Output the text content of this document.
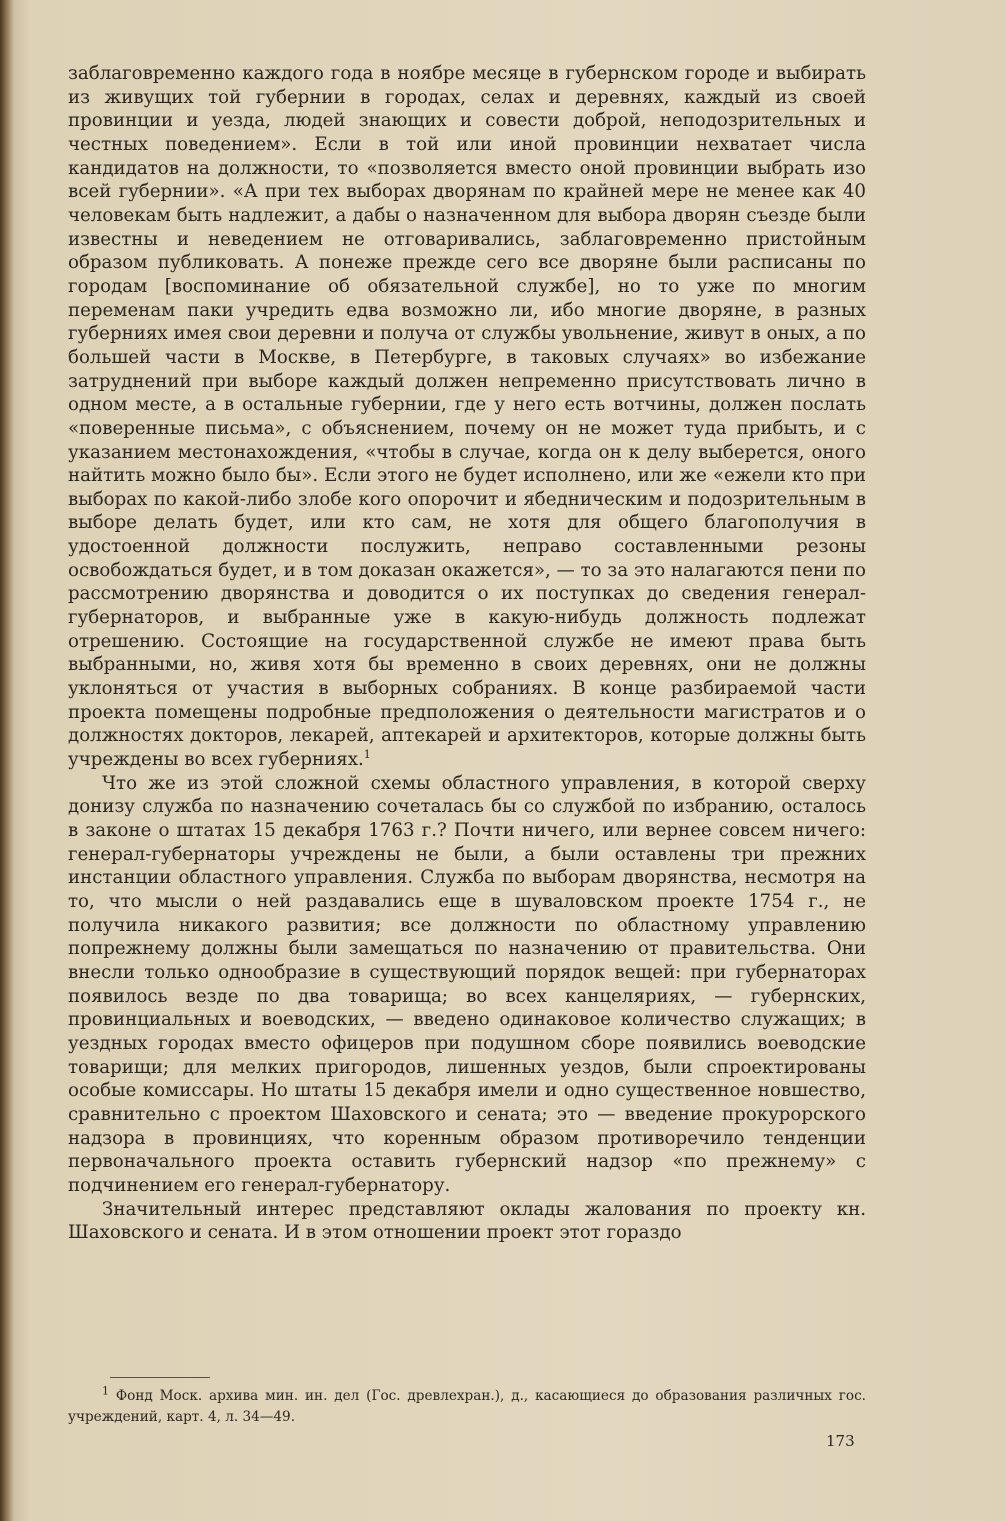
заблаговременно каждого года в ноябре месяце в губернском городе и выбирать из живущих той губернии в городах, селах и деревнях, каждый из своей провинции и уезда, людей знающих и совести доброй, неподозрительных и честных поведением». Если в той или иной провинции нехватает числа кандидатов на должности, то «позволяется вместо оной провинции выбрать изо всей губернии». «А при тех выборах дворянам по крайней мере не менее как 40 человекам быть надлежит, а дабы о назначенном для выбора дворян съезде были известны и неведением не отговаривались, заблаговременно пристойным образом публиковать. А понеже прежде сего все дворяне были расписаны по городам [воспоминание об обязательной службе], но то уже по многим переменам паки учредить едва возможно ли, ибо многие дворяне, в разных губерниях имея свои деревни и получа от службы увольнение, живут в оных, а по большей части в Москве, в Петербурге, в таковых случаях» во избежание затруднений при выборе каждый должен непременно присутствовать лично в одном месте, а в остальные губернии, где у него есть вотчины, должен послать «поверенные письма», с объяснением, почему он не может туда прибыть, и с указанием местонахождения, «чтобы в случае, когда он к делу выберется, оного найтить можно было бы». Если этого не будет исполнено, или же «ежели кто при выборах по какой-либо злобе кого опорочит и ябедническим и подозрительным в выборе делать будет, или кто сам, не хотя для общего благополучия в удостоенной должности послужить, неправо составленными резоны освобождаться будет, и в том доказан окажется», — то за это налагаются пени по рассмотрению дворянства и доводится о их поступках до сведения генерал-губернаторов, и выбранные уже в какую-нибудь должность подлежат отрешению. Состоящие на государственной службе не имеют права быть выбранными, но, живя хотя бы временно в своих деревнях, они не должны уклоняться от участия в выборных собраниях. В конце разбираемой части проекта помещены подробные предположения о деятельности магистратов и о должностях докторов, лекарей, аптекарей и архитекторов, которые должны быть учреждены во всех губерниях.$^1$

Что же из этой сложной схемы областного управления, в которой сверху донизу служба по назначению сочеталась бы со службой по избранию, осталось в законе о штатах 15 декабря 1763 г.? Почти ничего, или вернее совсем ничего: генерал-губернаторы учреждены не были, а были оставлены три прежних инстанции областного управления. Служба по выборам дворянства, несмотря на то, что мысли о ней раздавались еще в шуваловском проекте 1754 г., не получила никакого развития; все должности по областному управлению попрежнему должны были замещаться по назначению от правительства. Они внесли только однообразие в существующий порядок вещей: при губернаторах появилось везде по два товарища; во всех канцеляриях, — губернских, провинциальных и воеводских, — введено одинаковое количество служащих; в уездных городах вместо офицеров при подушном сборе появились воеводские товарищи; для мелких пригородов, лишенных уездов, были спроектированы особые комиссары. Но штаты 15 декабря имели и одно существенное новшество, сравнительно с проектом Шаховского и сената; это — введение прокурорского надзора в провинциях, что коренным образом противоречило тенденции первоначального проекта оставить губернский надзор «по прежнему» с подчинением его генерал-губернатору.

Значительный интерес представляют оклады жалования по проекту кн. Шаховского и сената. И в этом отношении проект этот гораздо

$^1$ Фонд Моск. архива мин. ин. дел (Гос. древлехран.), д., касающиеся до образования различных гос. учреждений, карт. 4, л. 34—49.
173
